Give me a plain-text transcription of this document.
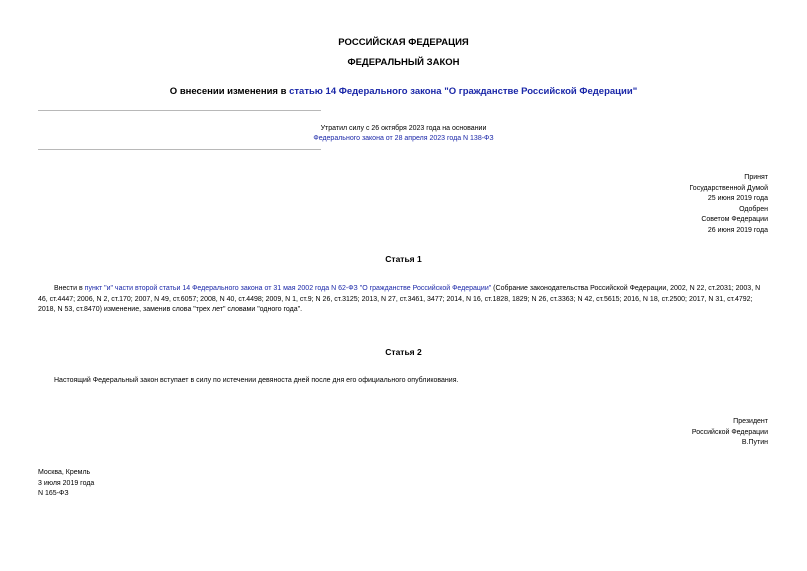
РОССИЙСКАЯ ФЕДЕРАЦИЯ
ФЕДЕРАЛЬНЫЙ ЗАКОН
О внесении изменения в статью 14 Федерального закона "О гражданстве Российской Федерации"
Утратил силу с 26 октября 2023 года на основании
Федерального закона от 28 апреля 2023 года N 138-ФЗ
Принят
Государственной Думой
25 июня 2019 года
Одобрен
Советом Федерации
26 июня 2019 года
Статья 1
Внести в пункт "и" части второй статьи 14 Федерального закона от 31 мая 2002 года N 62-ФЗ "О гражданстве Российской Федерации" (Собрание законодательства Российской Федерации, 2002, N 22, ст.2031; 2003, N 46, ст.4447; 2006, N 2, ст.170; 2007, N 49, ст.6057; 2008, N 40, ст.4498; 2009, N 1, ст.9; N 26, ст.3125; 2013, N 27, ст.3461, 3477; 2014, N 16, ст.1828, 1829; N 26, ст.3363; N 42, ст.5615; 2016, N 18, ст.2500; 2017, N 31, ст.4792; 2018, N 53, ст.8470) изменение, заменив слова "трех лет" словами "одного года".
Статья 2
Настоящий Федеральный закон вступает в силу по истечении девяноста дней после дня его официального опубликования.
Президент
Российской Федерации
В.Путин
Москва, Кремль
3 июля 2019 года
N 165-ФЗ
